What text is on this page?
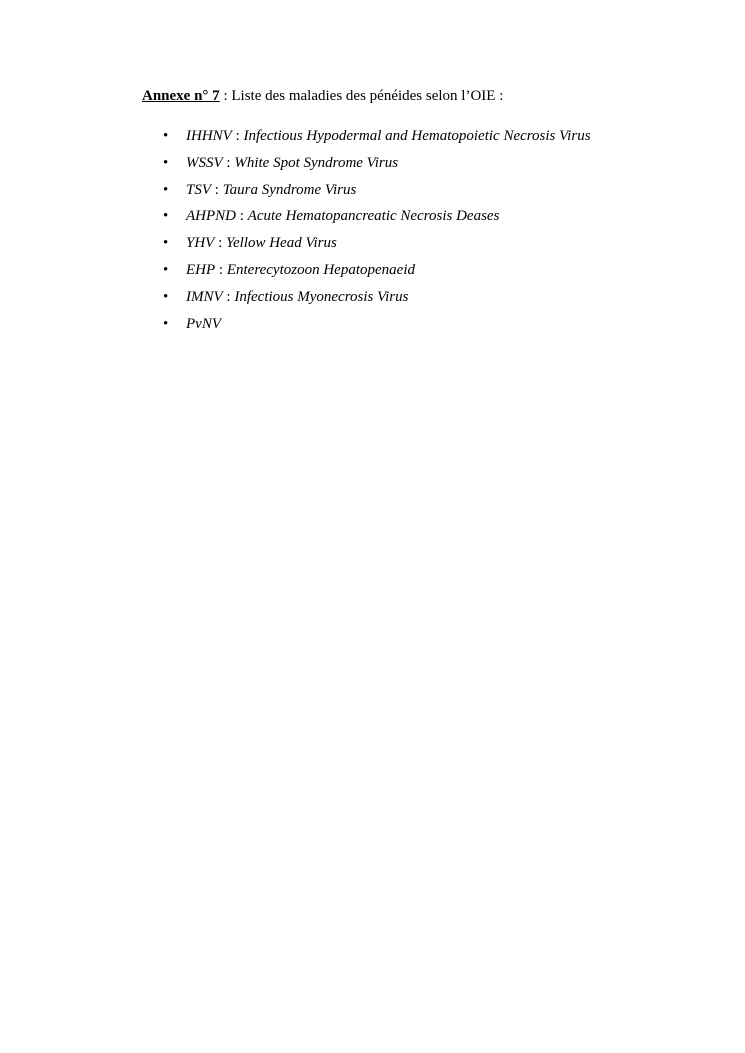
Annexe n° 7 : Liste des maladies des pénéides selon l’OIE :
• IHHNV : Infectious Hypodermal and Hematopoietic Necrosis Virus
• WSSV : White Spot Syndrome Virus
• TSV : Taura Syndrome Virus
• AHPND : Acute Hematopancreatic Necrosis Deases
• YHV : Yellow Head Virus
• EHP : Enterecytozoon Hepatopenaeid
• IMNV : Infectious Myonecrosis Virus
• PvNV
